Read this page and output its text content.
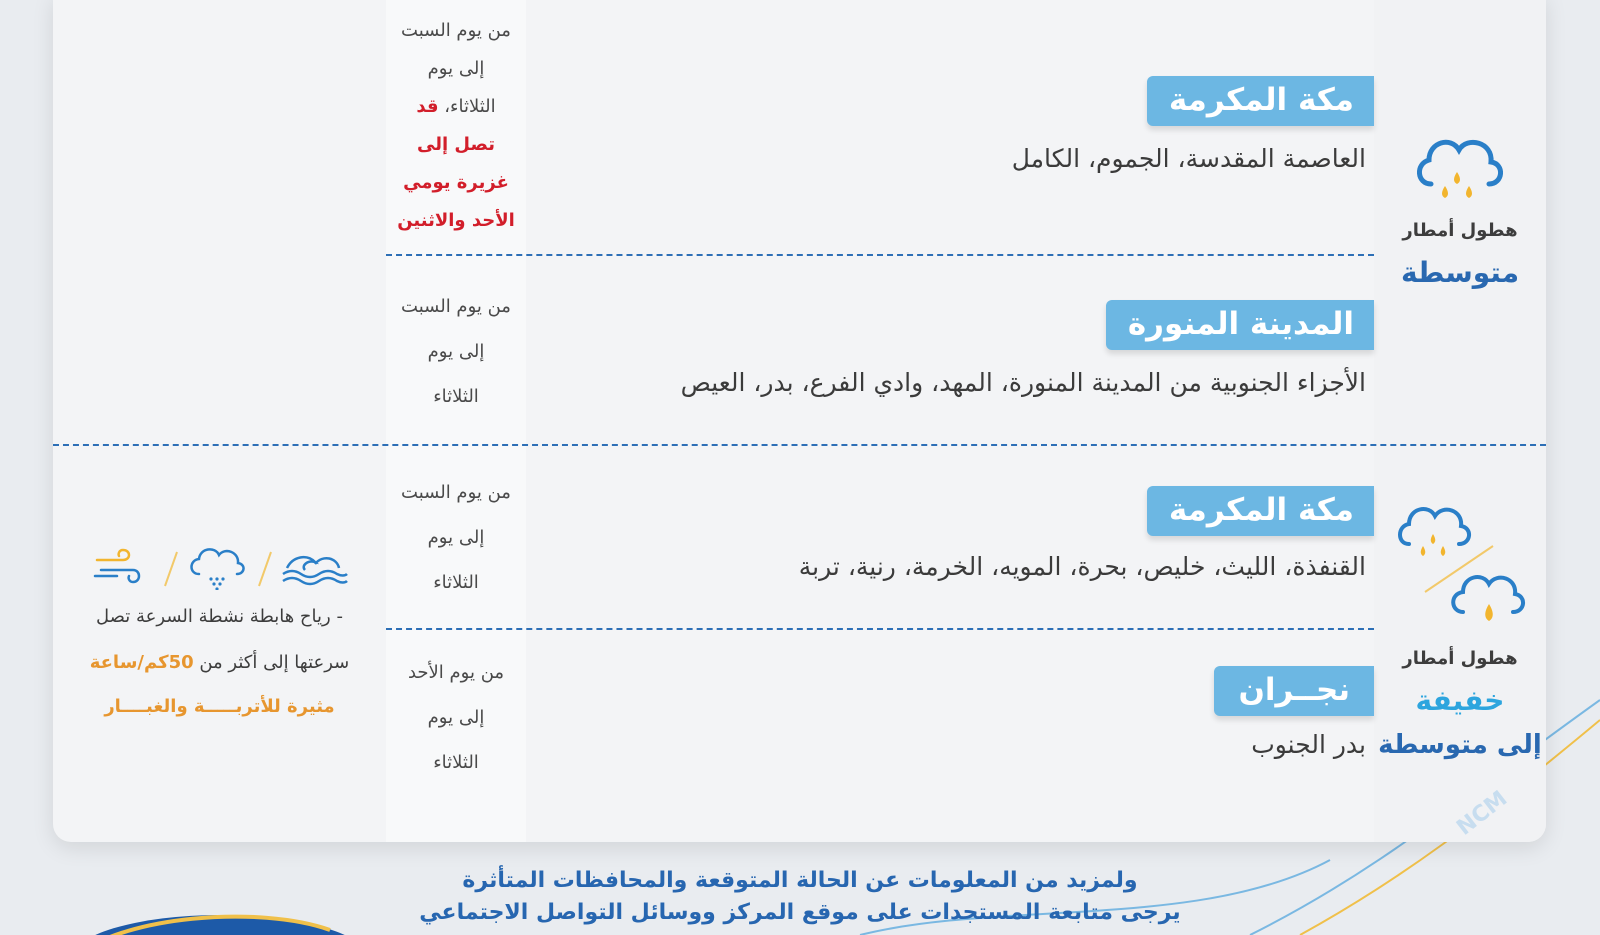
هطول أمطار
متوسطة
مكة المكرمة
العاصمة المقدسة، الجموم، الكامل
من يوم السبت
إلى يوم
الثلاثاء، قد
تصل إلى
غزيرة يومي
الأحد والاثنين
المدينة المنورة
الأجزاء الجنوبية من المدينة المنورة، المهد، وادي الفرع، بدر، العيص
من يوم السبت
إلى يوم
الثلاثاء
هطول أمطار
خفيفة
إلى متوسطة
مكة المكرمة
القنفذة، الليث، خليص، بحرة، المويه، الخرمة، رنية، تربة
من يوم السبت
إلى يوم
الثلاثاء
نجــران
بدر الجنوب
من يوم الأحد
إلى يوم
الثلاثاء
- رياح هابطة نشطة السرعة تصل
سرعتها إلى أكثر من 50كم/ساعة
مثيرة للأتربـــــة والغبــــار
NCM
ولمزيد من المعلومات عن الحالة المتوقعة والمحافظات المتأثرة
يرجى متابعة المستجدات على موقع المركز ووسائل التواصل الاجتماعي
